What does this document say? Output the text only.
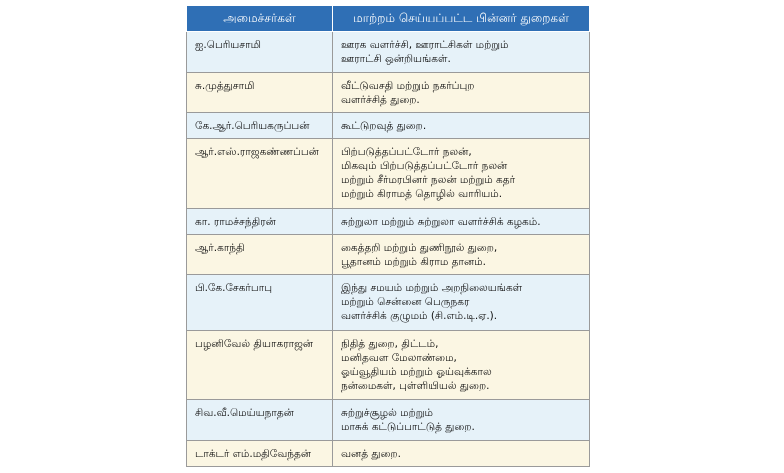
அமைச்சர்கள்	மாற்றம் செய்யப்பட்ட பின்னர் துறைகள்
ஐ.பெரியசாமி	ஊரக வளர்ச்சி, ஊராட்சிகள் மற்றும்
ஊராட்சி ஒன்றியங்கள்.
சு.முத்துசாமி	வீட்டுவசதி மற்றும் நகர்ப்புற
வளர்ச்சித் துறை.
கே.ஆர்.பெரியகருப்பன்	கூட்டுறவுத் துறை.
ஆர்.எஸ்.ராஜகண்ணப்பன்	பிற்படுத்தப்பட்டோர் நலன்,
மிகவும் பிற்படுத்தப்பட்டோர் நலன்
மற்றும் சீர்மரபினர் நலன் மற்றும் கதர்
மற்றும் கிராமத் தொழில் வாரியம்.
கா. ராமச்சந்திரன்	சுற்றுலா மற்றும் சுற்றுலா வளர்ச்சிக் கழகம்.
ஆர்.காந்தி	கைத்தறி மற்றும் துணிநூல் துறை,
பூதானம் மற்றும் கிராம தானம்.
பி.கே.சேகர்பாபு	இந்து சமயம் மற்றும் அறநிலையங்கள்
மற்றும் சென்னை பெருநகர
வளர்ச்சிக் குழுமம் (சி.எம்.டி.ஏ.).
பழனிவேல் தியாகராஜன்	நிதித் துறை, திட்டம்,
மனிதவள மேலாண்மை,
ஓய்வூதியம் மற்றும் ஓய்வுக்கால
நன்மைகள், புள்ளியியல் துறை.
சிவ.வீ.மெய்யநாதன்	சுற்றுச்சூழல் மற்றும்
மாசுக் கட்டுப்பாட்டுத் துறை.
டாக்டர் எம்.மதிவேந்தன்	வனத் துறை.
